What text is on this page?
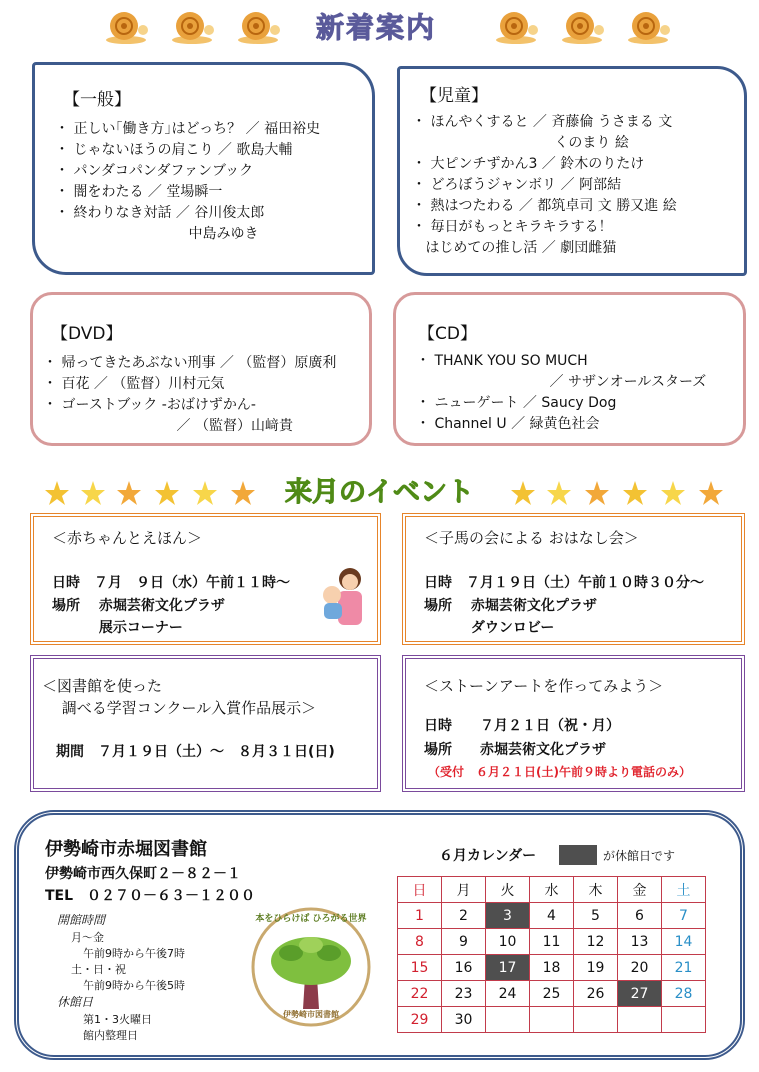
新着案内
【一般】
・ 正しい｢働き方｣はどっち？ ／ 福田裕史
・ じゃないほうの肩こり ／ 歌島大輔
・ パンダコパンダファンブック
・ 闇をわたる ／ 堂場瞬一
・ 終わりなき対話 ／ 谷川俊太郎
中島みゆき
【児童】
・ ほんやくすると ／ 斉藤倫 うさまる 文
くのまり 絵
・ 大ピンチずかん3 ／ 鈴木のりたけ
・ どろぼうジャンボリ ／ 阿部結
・ 熱はつたわる ／ 都筑卓司 文 勝又進 絵
・ 毎日がもっとキラキラする！
はじめての推し活 ／ 劇団雌猫
【DVD】
・ 帰ってきたあぶない刑事 ／ （監督）原廣利
・ 百花 ／ （監督）川村元気
・ ゴーストブック -おばけずかん-
／ （監督）山﨑貴
【CD】
・ THANK YOU SO MUCH
／ サザンオールスターズ
・ ニューゲート ／ Saucy Dog
・ Channel U ／ 緑黄色社会
来月のイベント
＜赤ちゃんとえほん＞
日時　７月　９日（水）午前１１時～
場所　 赤堀芸術文化プラザ
　　　 展示コーナー
＜子馬の会による おはなし会＞
日時　７月１９日（土）午前１０時３０分～
場所　 赤堀芸術文化プラザ
　　　 ダウンロビー
＜図書館を使った
　 調べる学習コンクール入賞作品展示＞
期間　７月１９日（土）～　８月３１日(日)
＜ストーンアートを作ってみよう＞
日時　　７月２１日（祝・月）
場所　　赤堀芸術文化プラザ
（受付　６月２１日(土)午前９時より電話のみ）
伊勢崎市赤堀図書館
伊勢崎市西久保町２－８２－１
TEL　０２７０－６３－１２００
開館時間
月～金
午前9時から午後7時
土・日・祝
午前9時から午後5時
休館日
第1・3火曜日
館内整理日
本をひらけば ひろがる世界
伊勢崎市図書館
６月カレンダー	が休館日です
日	月	火	水	木	金	土
1	2	3	4	5	6	7
8	9	10	11	12	13	14
15	16	17	18	19	20	21
22	23	24	25	26	27	28
29	30					
